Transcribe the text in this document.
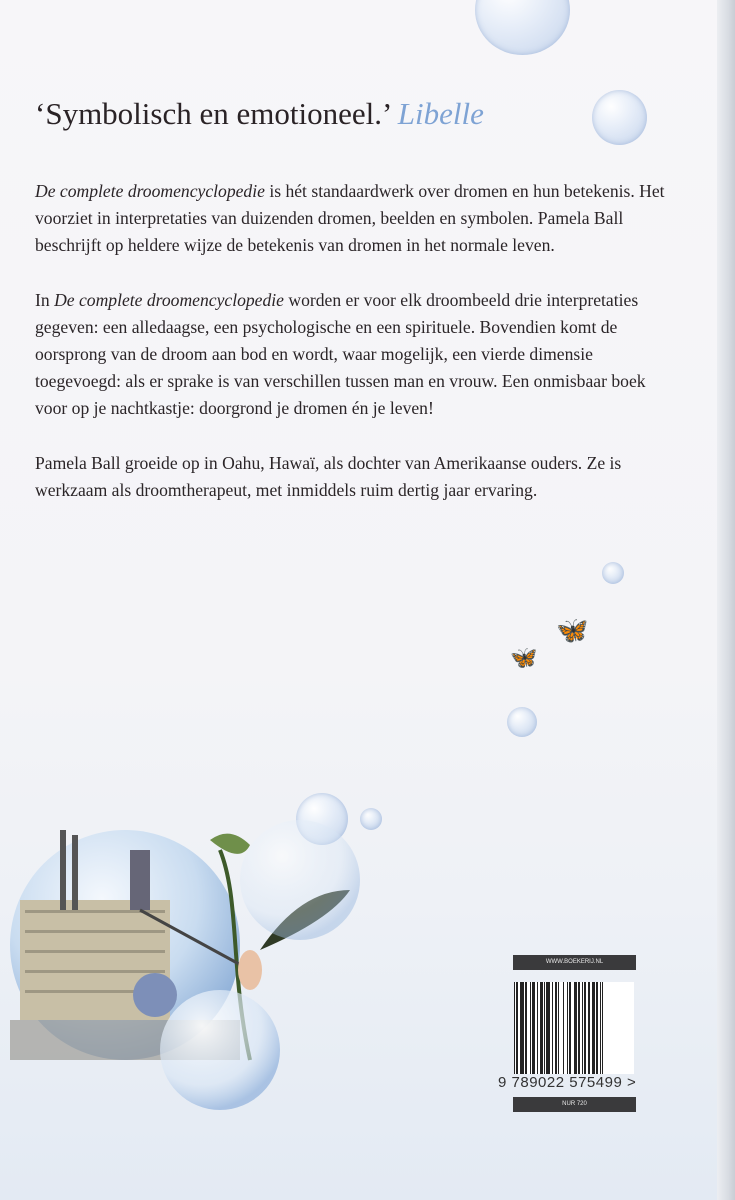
🦋
🦋
‘Symbolisch en emotioneel.’ Libelle

De complete droomencyclopedie is hét standaardwerk over dromen en hun betekenis. Het voorziet in interpretaties van duizenden dromen, beelden en symbolen. Pamela Ball beschrijft op heldere wijze de betekenis van dromen in het normale leven.

In De complete droomencyclopedie worden er voor elk droombeeld drie interpretaties gegeven: een alledaagse, een psychologische en een spirituele. Bovendien komt de oorsprong van de droom aan bod en wordt, waar mogelijk, een vierde dimensie toegevoegd: als er sprake is van verschillen tussen man en vrouw. Een onmisbaar boek voor op je nachtkastje: doorgrond je dromen én je leven!

Pamela Ball groeide op in Oahu, Hawaï, als dochter van Amerikaanse ouders. Ze is werkzaam als droomtherapeut, met inmiddels ruim dertig jaar ervaring.

WWW.BOEKERIJ.NL
9 789022 575499 >
NUR 720
